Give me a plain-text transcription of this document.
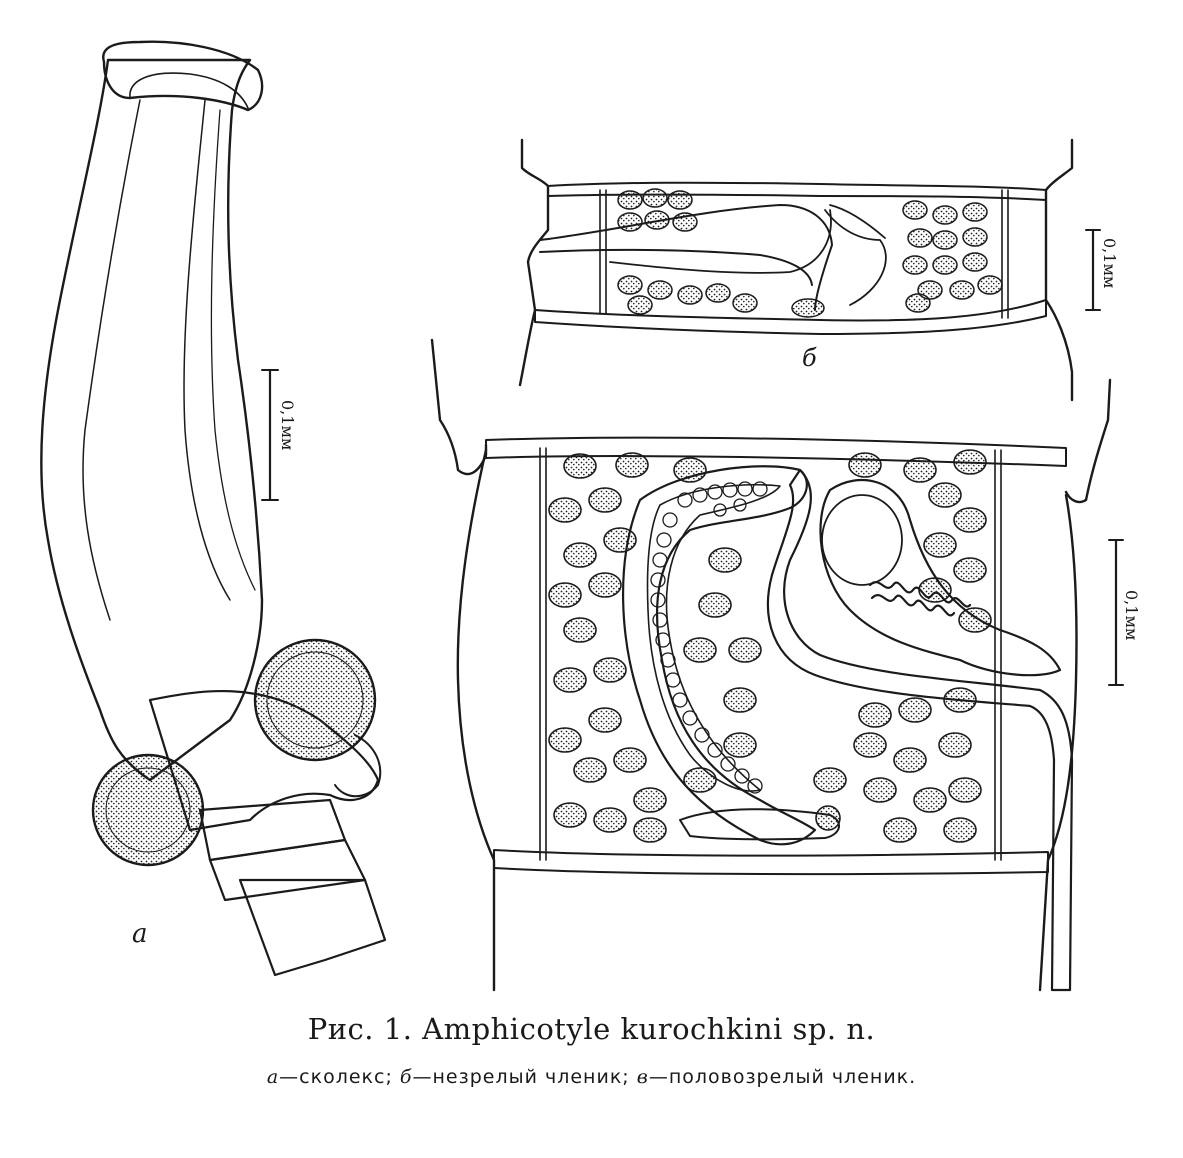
0,1мм
а
0,1мм
б
0,1мм
Рис. 1. Amphicotyle kurochkini sp. n.
а—сколекс; б—незрелый членик; в—половозрелый членик.
